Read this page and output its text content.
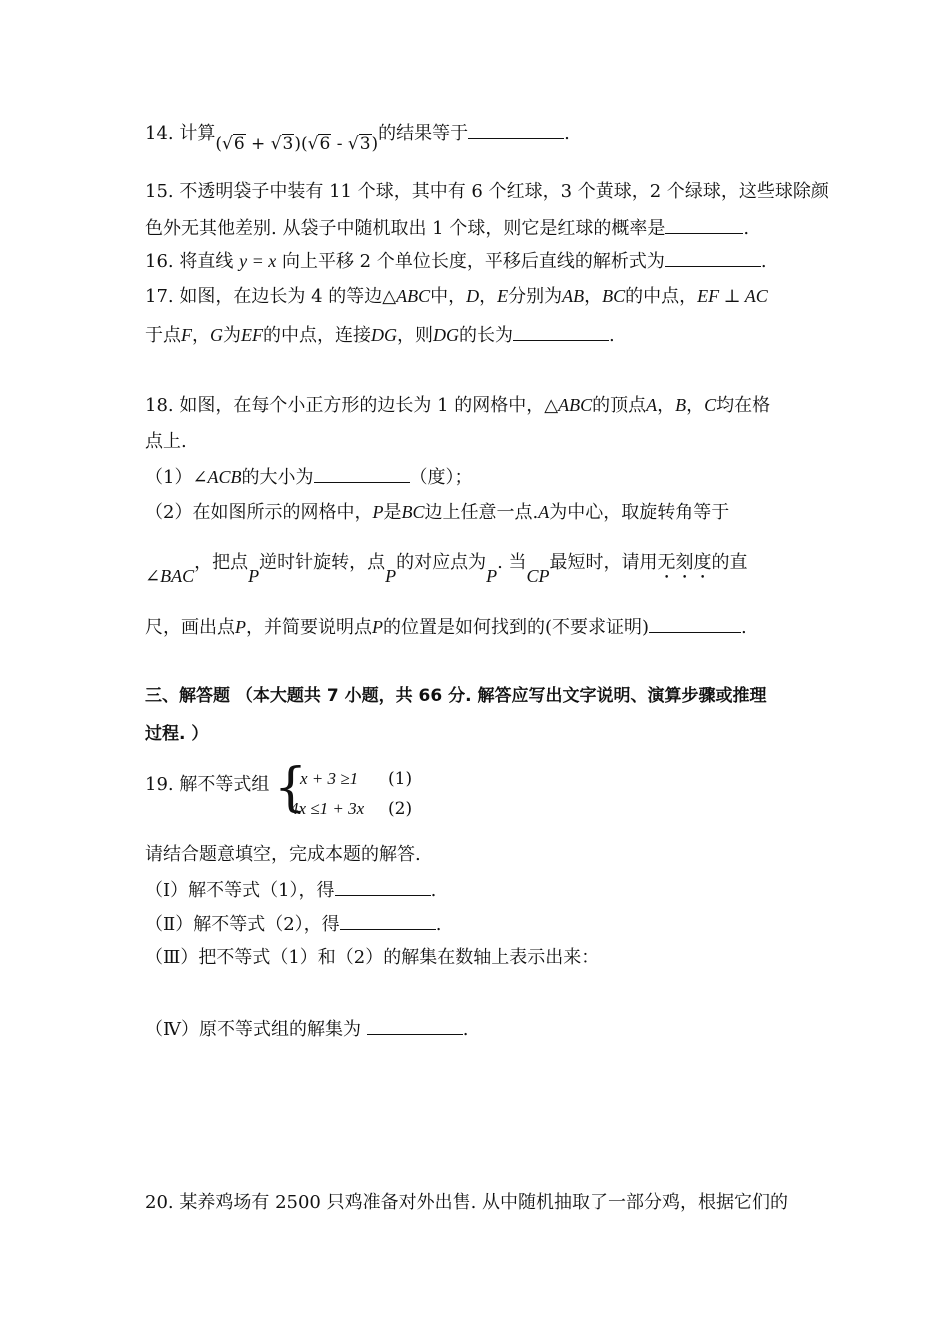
14. 计算(√6 + √3)(√6 - √3)的结果等于	.
15. 不透明袋子中装有 11 个球，其中有 6 个红球，3 个黄球，2 个绿球，这些球除颜
色外无其他差别. 从袋子中随机取出 1 个球，则它是红球的概率是	.
16. 将直线 y = x 向上平移 2 个单位长度，平移后直线的解析式为	.
17. 如图，在边长为 4 的等边△ABC中，D，E分别为AB，BC的中点，EF ⊥ AC
于点F，G为EF的中点，连接DG，则DG的长为	.
18. 如图，在每个小正方形的边长为 1 的网格中，△ABC的顶点A，B，C均在格
点上.
（1）∠ACB的大小为	（度）；
（2）在如图所示的网格中，P是BC边上任意一点.A为中心，取旋转角等于
∠BAC，把点P逆时针旋转，点P的对应点为P. 当CP最短时，请用无刻度的直
尺，画出点P，并简要说明点P的位置是如何找到的(不要求证明)	.
三、解答题 （本大题共 7 小题，共 66 分. 解答应写出文字说明、演算步骤或推理
过程. ）
19. 解不等式组 {
x + 3 ≥1 (1)
4x ≤1 + 3x (2)
请结合题意填空，完成本题的解答.
（Ⅰ）解不等式（1），得	.
（Ⅱ）解不等式（2），得	.
（Ⅲ）把不等式（1）和（2）的解集在数轴上表示出来：
（Ⅳ）原不等式组的解集为	.
20. 某养鸡场有 2500 只鸡准备对外出售. 从中随机抽取了一部分鸡，根据它们的
